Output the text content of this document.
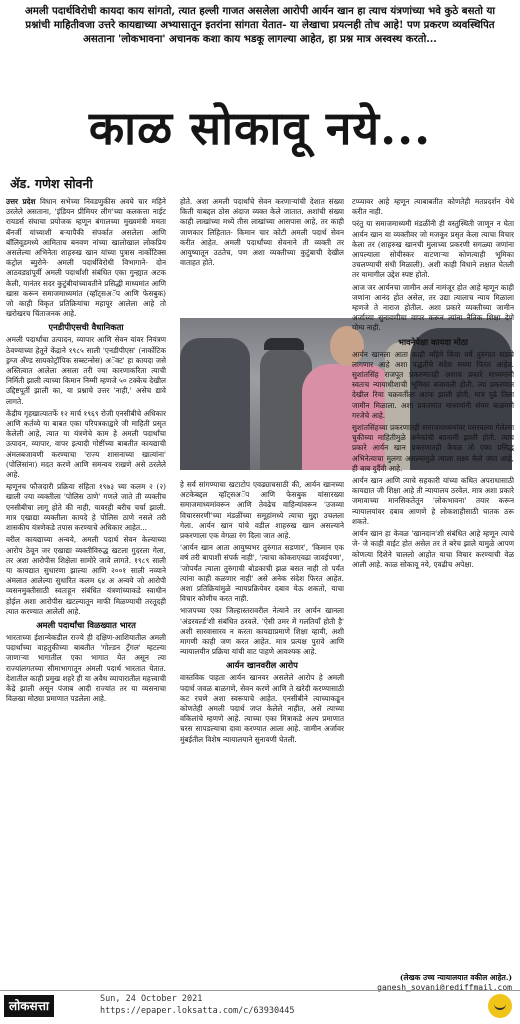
अमली पदार्थविरोधी कायदा काय सांगतो, त्यात हल्ली गाजत असलेला आरोपी आर्यन खान हा त्याच यंत्रणांच्या भवे कुठे बसतो या प्रश्नांची माहितीवजा उत्तरे कायद्याच्या अभ्यासातून इतरांना सांगता येतात- या लेखाचा प्रयत्नही तोच आहे! पण प्रकरण व्यवस्थिपित असताना 'लोकभावना' अचानक कशा काय भडकू लागल्या आहेत, हा प्रश्न मात्र अस्वस्थ करतो...
काळ सोकावू नये...
ॲड. गणेश सोवनी

उत्तर प्रदेश विधान सभेच्या निवडणुकीस अवघे चार महिने उरलेले असताना, 'इंडियन प्रीमियर लीग'च्या कलकत्ता नाईट रायडर्स संघाचा प्रयोजक म्हणून बंगालच्या मुख्यमंत्री ममता बॅनर्जी यांच्याशी बऱ्यापैकी संपर्कात असलेला आणि बॉलिवूडमध्ये आमिताच बनवण नांच्या खालोखाल लोकप्रिय असलेल्या अभिनेता शाहरुख खान यांच्या पुत्रास नार्कोटिक्स कंट्रोल ब्युरोने- अमली पदार्थविरोधी विभागाने- दोन आठवड्यांपूर्वी अमली पदार्थांशी संबंधित एका गुन्ह्यात अटक केली, यानंतर सदर कुटुंबीयांच्यावतीने प्रसिद्धी माध्यमांत आणि खास करून समाजमाध्यमांत (व्हॉट्सअॅप आणि फेसबुक) जो काही विकृत प्रतिक्रियांचा महापूर आलेला आहे तो खरोखरच चिंताजनक आहे.

एनडीपीएसची वैधानिकता

अमली पदार्थांचा उत्पादन, व्यापार आणि सेवन यांवर नियंत्रण ठेवण्याच्या हेतूने केंद्राने १९८५ साली 'एनडीपीएस' (नार्कोटिक ड्रग्ज अँण्ड सायकोट्रॉपिक सब्स्टन्सेस) अॅक्ट' हा कायदा जसे अस्तित्वात आलेला असला तरी ज्या कारणाकरिता त्याची निर्मिती झाली त्याच्या किमान निम्मी म्हणजे ५० टक्केच देखील उद्दिष्टपूर्ती झाली का, या प्रश्नाचे उत्तर 'नाही,' असेच द्यावे लागते.

केंद्रीय गृहखात्यातर्फे १२ मार्च १९६९ रोजी एनसीबीचे अधिकार आणि कर्तव्ये या बाबत एका परिपत्रकाद्वारे जी माहिती प्रसृत केलेली आहे, त्यात या यंत्रणेचे काम हे अमली पदार्थांचा उत्पादन, व्यापार, वापर इत्यादी गोष्टींच्या बाबतीत कायद्याची अंमलबजावणी करण्याचा 'राज्य शासनाच्या खात्यांना' (पोलिसांना) मदत करणे आणि समन्वय राखणे असे ठरलेले आहे.

म्हणूनच फौजदारी प्रक्रिया संहिता १९७३ च्या कलम २ (२) खाली ज्या व्यक्तीला 'पोलिस ठाणे' गणले जाते ती व्यक्तीच एनसीबीचा लागू होते की नाही, यावरही बरीच चर्चा झाली. मात्र एखाद्या व्यक्तीला कायदे हे पोलिस ठाणे नसले तरी शासकीय यंत्रणेकडे तपास करण्याचे अधिकार आहेत...

वरील कायद्याच्या अन्वये, अमली पदार्थ सेवन केल्याच्या आरोप ठेवून जर एखाद्या व्यक्तीविरुद्ध खटला गुदरला गेला, तर अशा आरोपीस शिक्षेला सामोरे जावे लागते. १९८९ साली या कायद्यात सुधारणा झाल्या आणि २००१ साली नव्याने अंमलात आलेल्या सुधारित कलम ६४ अ अन्वये जो आरोपी व्यसनमुक्तीसाठी स्वतःहून संबंधित यंत्रणांच्याकडे स्वाधीन होईल अशा आरोपीस खटल्यातून माफी मिळण्याची तरतूदही त्यात करण्यात आलेली आहे.

अमली पदार्थांचा विळख्यात भारत

भारताच्या ईशान्येकडील राज्ये ही दक्षिण-आशियातील अमली पदार्थांच्या वाहतुकीच्या बाबतीत 'गोल्डन ट्रँगल' म्हटल्या जाणाऱ्या भागातील एका भागात येत असून त्या राज्यांलगतच्या सीमाभागातून अंमली पदार्थ भारतात येतात. देशातील काही प्रमुख शहरे ही या अवैध व्यापारातील महत्त्वाची केंद्रे झाली असून पंजाब आदी राज्यांत तर या व्यसनाचा विळखा मोठ्या प्रमाणात पडलेला आहे.

होते. अशा अमली पदार्थांचे सेवन करणाऱ्यांची देशात संख्या किती याबद्दल ठोस अंदाज व्यक्त केले जातात. अशांची संख्या काही लाखांच्या मध्ये तीस लाखांच्या आसपास आहे, तर काही जाणकार लिहितात- किमान चार कोटी अमली पदार्थ सेवन करीत आहेत. अमली पदार्थांच्या सेवनाने ती व्यक्ती तर आयुष्यातून उठतेच, पण अशा व्यक्तीच्या कुटुंबाची देखील वाताहत होते.

हे सर्व सांगण्याचा खटाटोप एवढ्याचसाठी की, आर्यन खानच्या अटकेबद्दल व्हॉट्सअॅप आणि फेसबुक यांसारख्या समाजमाध्यमांवरून आणि तेवढेच वाहिन्यांवरून 'उजव्या विचारसरणी'च्या मंडळींच्या समूहांमध्ये त्याचा मुद्दा उचलला गेला. आर्यन खान यांचे वडील शाहरुख खान असल्याने प्रकरणाला एक वेगळा रंग दिला जात आहे.

'आर्यन खान आता आयुष्यभर तुरुंगात सडणार', 'किमान एक वर्ष तरी बापाशी संपर्क नाही', 'त्याचा कोकराएवढा जावईपणा', 'जोपर्यंत त्याला तुरुंगाची बोडकाची झळ बसत नाही तो पर्यंत त्यांना काही कळणार नाही' असे अनेक संदेश फिरत आहेत. अशा प्रतिक्रियांमुळे न्यायप्रक्रियेवर दबाव येऊ शकतो, याचा विचार कोणीच करत नाही.

भाजपच्या एका जिल्हास्तरावरील नेत्याने तर आर्यन खानला 'अंडरवर्ल्ड'शी संबंधित ठरवले. 'ऐसी उमर में गलतियाँ होती है' अशी सारवासारव न करता कायद्याप्रमाणे शिक्षा व्हावी, अशी मागणी काही जण करत आहेत. मात्र प्रत्यक्ष पुरावे आणि न्यायालयीन प्रक्रिया यांची वाट पाहणे आवश्यक आहे.

आर्यन खानवरील आरोप

वास्तविक पाहता आर्यन खानवर असलेले आरोप हे अमली पदार्थ जवळ बाळगणे, सेवन करणे आणि ते खरेदी करण्यासाठी कट रचणे अशा स्वरूपाचे आहेत. एनसीबीने त्याच्याकडून कोणतेही अमली पदार्थ जप्त केलेले नाहीत, असे त्याच्या वकिलांचे म्हणणे आहे. त्याच्या एका मित्राकडे अल्प प्रमाणात चरस सापडल्याचा दावा करण्यात आला आहे. जामीन अर्जावर मुंबईतील विशेष न्यायालयाने सुनावणी घेतली.

टप्प्यावर आहे म्हणून त्याबाबतीत कोणतेही मतप्रदर्शन येथे करीत नाही.

परंतु या समाजमाध्यमी मंडळींनी ही वस्तुस्थिती जाणून न घेता आर्यन खान या व्यक्तीवर जो मजकूर प्रसृत केला त्याचा विचार केला तर (शाहरुख खानची मुलाच्या प्रकरणी सगळ्या जणांना आपल्याला सोयीस्कर वाटणाऱ्या कोणत्याही भूमिका उचलण्याची संधी मिळाली). अशी काही विधाने लक्षात घेतली तर यामागील उद्देश स्पष्ट होतो.

आज जर आर्यनचा जामीन अर्ज नामंजूर होत आहे म्हणून काही जणांना आनंद होत असेल, तर उद्या त्यालाच न्याय मिळाला म्हणजे ते नाराज होतील. अशा प्रकारे व्यक्तीच्या जामीन अर्जाच्या सुनावणीचा वापर करून त्यांना नैतिक शिक्षा देणे योग्य नाही.

भावनेपेक्षा कायदा मोठा

आर्यन खानला आता काही महिने किंवा वर्षे तुरुंगात सडावे लागणार आहे अशा पद्धतीचे संदेश सध्या फिरत आहेत. सुशांतसिंह राजपूत प्रकरणातही अशाच प्रकारे माध्यमांनी स्वतःच न्यायाधीशाची भूमिका बजावली होती. त्या प्रकरणात देखील रिया चक्रवर्तीला अटक झाली होती, मात्र पुढे तिला जामीन मिळाला. अशा प्रकरणांत माध्यमांनी संयम बाळगणे गरजेचे आहे.

सुशांतसिंहच्या प्रकरणातही समाजमाध्यमांवर पसरवल्या गेलेल्या चुकीच्या माहितीमुळे अनेकांची बदनामी झाली होती. त्याच प्रकारे आर्यन खान प्रकरणातही केवळ तो एका प्रसिद्ध अभिनेत्याचा मुलगा असल्यामुळे त्याला लक्ष्य केले जात आहे, ही बाब दुर्दैवी आहे.

आर्यन खान आणि त्याचे सहकारी यांच्या कथित अपराधासाठी कायद्यात जी शिक्षा आहे ती न्यायालय ठरवेल. मात्र अशा प्रकारे जमावाच्या मानसिकतेतून 'लोकभावना' तयार करून न्यायालयांवर दबाव आणणे हे लोकशाहीसाठी घातक ठरू शकते.

आर्यन खान हा केवळ 'खानदान'शी संबंधित आहे म्हणून त्याचे जे- जे काही वाईट होत असेल तर ते बरेच झाले यामुळे आपण कोणत्या दिशेने चाललो आहोत याचा विचार करण्याची वेळ आली आहे. काळ सोकावू नये, एवढीच अपेक्षा.

(लेखक उच्च न्यायालयात वकील आहेत.)
ganesh_sovani@rediffmail.com
लोकसत्ता	Sun, 24 October 2021
https://epaper.loksatta.com/c/63930445
